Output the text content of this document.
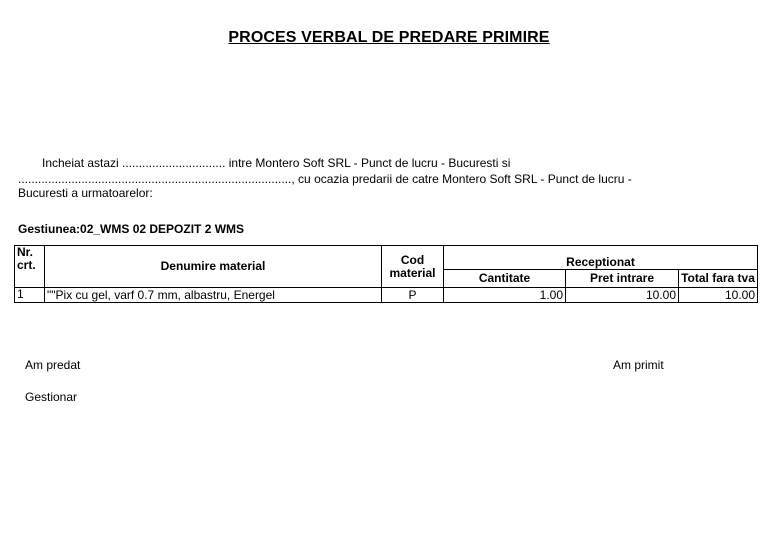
PROCES VERBAL DE PREDARE PRIMIRE
Incheiat astazi ............................... intre Montero Soft SRL - Punct de lucru - Bucuresti si
.................................................................................., cu ocazia predarii de catre Montero Soft SRL - Punct de lucru -
Bucuresti a urmatoarelor:
Gestiunea:02_WMS 02 DEPOZIT 2 WMS
Nr. crt.	Denumire material	Cod material	Receptionat		
			Cantitate	Pret intrare	Total fara tva
1	""Pix cu gel, varf 0.7 mm, albastru, Energel	P	1.00	10.00	10.00
Am predat	Am primit
Gestionar
